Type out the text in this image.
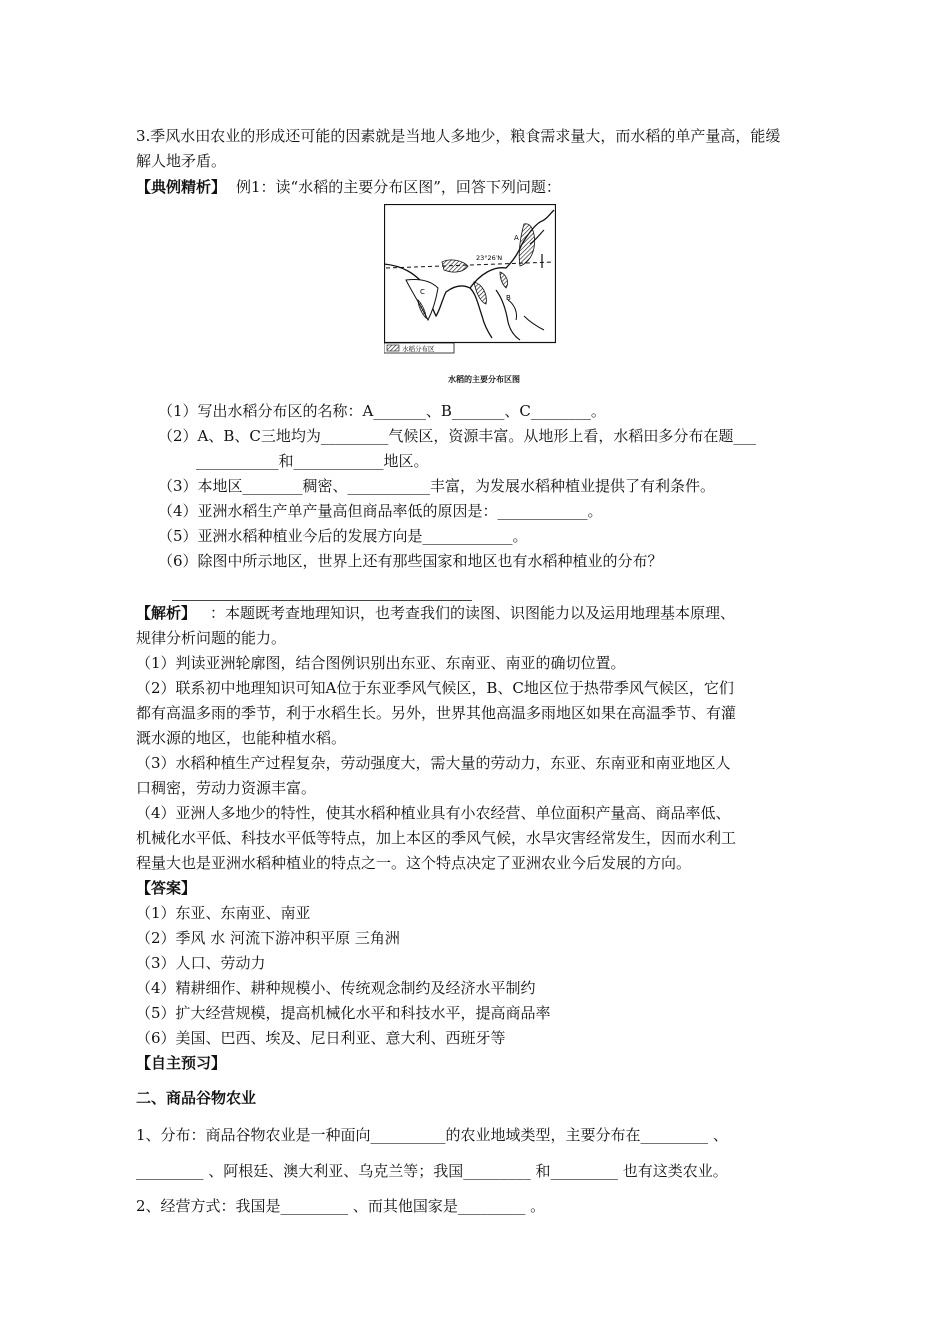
3.季风水田农业的形成还可能的因素就是当地人多地少，粮食需求量大，而水稻的单产量高，能缓
解人地矛盾。
【典例精析】 例1：读“水稻的主要分布区图”，回答下列问题：
A
B
C
23°26′N
水稻分布区
水稻的主要分布区图
（1）写出水稻分布区的名称：A_______、B_______、C________。
（2）A、B、C三地均为_________气候区，资源丰富。从地形上看，水稻田多分布在题___
___________和____________地区。
（3）本地区________稠密、___________丰富，为发展水稻种植业提供了有利条件。
（4）亚洲水稻生产单产量高但商品率低的原因是：____________。
（5）亚洲水稻种植业今后的发展方向是____________。
（6）除图中所示地区，世界上还有那些国家和地区也有水稻种植业的分布？
【解析】 ：本题既考查地理知识，也考查我们的读图、识图能力以及运用地理基本原理、
规律分析问题的能力。
（1）判读亚洲轮廓图，结合图例识别出东亚、东南亚、南亚的确切位置。
（2）联系初中地理知识可知A位于东亚季风气候区，B、C地区位于热带季风气候区，它们
都有高温多雨的季节，利于水稻生长。另外，世界其他高温多雨地区如果在高温季节、有灌
溉水源的地区，也能种植水稻。
（3）水稻种植生产过程复杂，劳动强度大，需大量的劳动力，东亚、东南亚和南亚地区人
口稠密，劳动力资源丰富。
（4）亚洲人多地少的特性，使其水稻种植业具有小农经营、单位面积产量高、商品率低、
机械化水平低、科技水平低等特点，加上本区的季风气候，水旱灾害经常发生，因而水利工
程量大也是亚洲水稻种植业的特点之一。这个特点决定了亚洲农业今后发展的方向。
【答案】
（1）东亚、东南亚、南亚
（2）季风 水 河流下游冲积平原 三角洲
（3）人口、劳动力
（4）精耕细作、耕种规模小、传统观念制约及经济水平制约
（5）扩大经营规模，提高机械化水平和科技水平，提高商品率
（6）美国、巴西、埃及、尼日利亚、意大利、西班牙等
【自主预习】
二、商品谷物农业
1、分布：商品谷物农业是一种面向__________的农业地域类型，主要分布在_________ 、
_________ 、阿根廷、澳大利亚、乌克兰等；我国_________ 和_________ 也有这类农业。
2、经营方式：我国是_________ 、而其他国家是_________ 。
